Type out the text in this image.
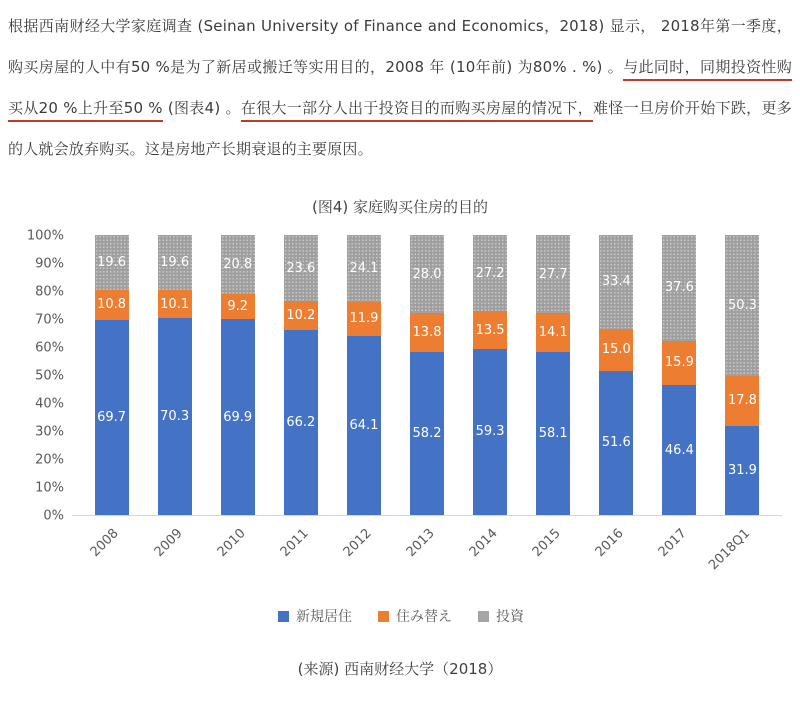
根据西南财经大学家庭调查 (Seinan University of Finance and Economics，2018) 显示， 2018年第一季度，购买房屋的人中有50 %是为了新居或搬迁等实用目的，2008 年 (10年前) 为80% . %) 。与此同时，同期投资性购买从20 %上升至50 % (图表4) 。在很大一部分人出于投资目的而购买房屋的情况下，难怪一旦房价开始下跌，更多的人就会放弃购买。这是房地产长期衰退的主要原因。
(图4) 家庭购买住房的目的
100%
90%
80%
70%
60%
50%
40%
30%
20%
10%
0%
69.7
10.8
19.6
70.3
10.1
19.6
69.9
9.2
20.8
66.2
10.2
23.6
64.1
11.9
24.1
58.2
13.8
28.0
59.3
13.5
27.2
58.1
14.1
27.7
51.6
15.0
33.4
46.4
15.9
37.6
31.9
17.8
50.3
2008 2009 2010 2011 2012 2013 2014 2015 2016 2017 2018Q1
新規居住	住み替え	投資
(来源) 西南财经大学（2018）
